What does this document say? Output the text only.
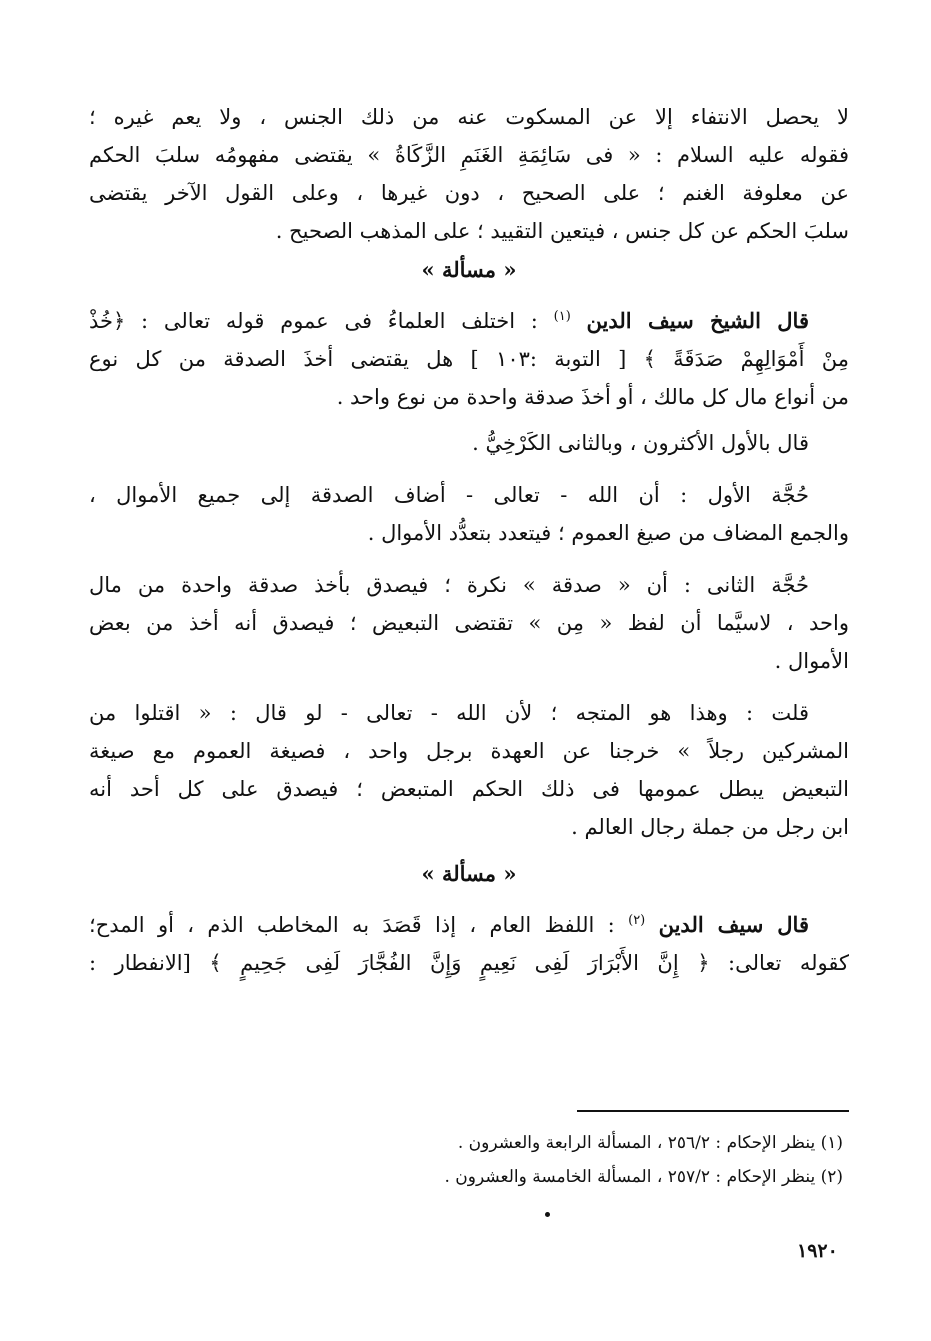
لا يحصل الانتفاء إلا عن المسكوت عنه من ذلك الجنس ، ولا يعم غيره ؛
فقوله عليه السلام : « فى سَائِمَةِ الغَنَمِ الزَّكَاةُ » يقتضى مفهومُه سلبَ الحكم
عن معلوفة الغنم ؛ على الصحيح ، دون غيرها ، وعلى القول الآخر يقتضى
سلبَ الحكم عن كل جنس ، فيتعين التقييد ؛ على المذهب الصحيح .
« مسألة »
قال الشيخ سيف الدين $^{(١)}$ : اختلف العلماءُ فى عموم قوله تعالى : ﴿خُذْ
مِنْ أَمْوَالِهِمْ صَدَقَةً ﴾ [ التوبة :١٠٣ ] هل يقتضى أخذَ الصدقة من كل نوع
من أنواع مال كل مالك ، أو أخذَ صدقة واحدة من نوع واحد .
قال بالأول الأكثرون ، وبالثانى الكَرْخِيُّ .
حُجَّة الأول : أن الله - تعالى - أضاف الصدقة إلى جميع الأموال ،
والجمع المضاف من صيغ العموم ؛ فيتعدد بتعدُّد الأموال .
حُجَّة الثانى : أن « صدقة » نكرة ؛ فيصدق بأخذ صدقة واحدة من مال
واحد ، لاسيَّما أن لفظ « مِن » تقتضى التبعيض ؛ فيصدق أنه أخذ من بعض
الأموال .
قلت : وهذا هو المتجه ؛ لأن الله - تعالى - لو قال : « اقتلوا من
المشركين رجلاً » خرجنا عن العهدة برجل واحد ، فصيغة العموم مع صيغة
التبعيض يبطل عمومها فى ذلك الحكم المتبعض ؛ فيصدق على كل أحد أنه
ابن رجل من جملة رجال العالم .
« مسألة »
قال سيف الدين $^{(٢)}$ : اللفظ العام ، إذا قَصَدَ به المخاطب الذم ، أو المدح؛
كقوله تعالى: ﴿ إِنَّ الأَبْرَارَ لَفِى نَعِيمٍ وَإِنَّ الفُجَّارَ لَفِى جَحِيمٍ ﴾ [الانفطار :
(١) ينظر الإحكام : ٢٥٦/٢ ، المسألة الرابعة والعشرون .
(٢) ينظر الإحكام : ٢٥٧/٢ ، المسألة الخامسة والعشرون .
١٩٢٠
